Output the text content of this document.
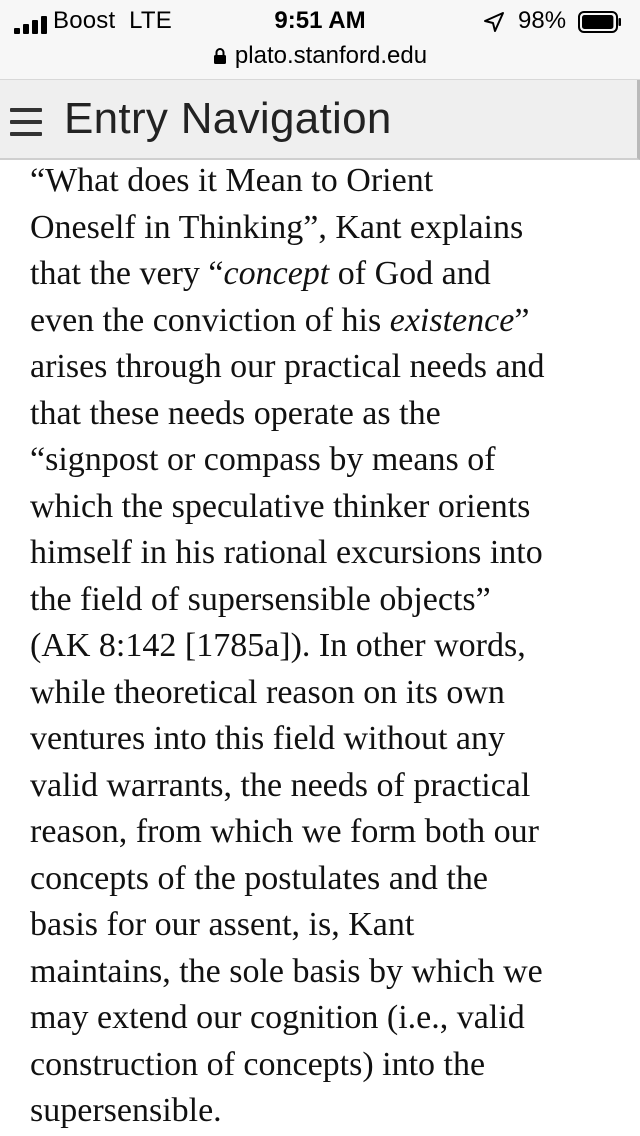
Boost  LTE	9:51 AM	98%
plato.stanford.edu
Entry Navigation
“What does it Mean to Orient
Oneself in Thinking”, Kant explains
that the very “concept of God and
even the conviction of his existence”
arises through our practical needs and
that these needs operate as the
“signpost or compass by means of
which the speculative thinker orients
himself in his rational excursions into
the field of supersensible objects”
(AK 8:142 [1785a]). In other words,
while theoretical reason on its own
ventures into this field without any
valid warrants, the needs of practical
reason, from which we form both our
concepts of the postulates and the
basis for our assent, is, Kant
maintains, the sole basis by which we
may extend our cognition (i.e., valid
construction of concepts) into the
supersensible.
